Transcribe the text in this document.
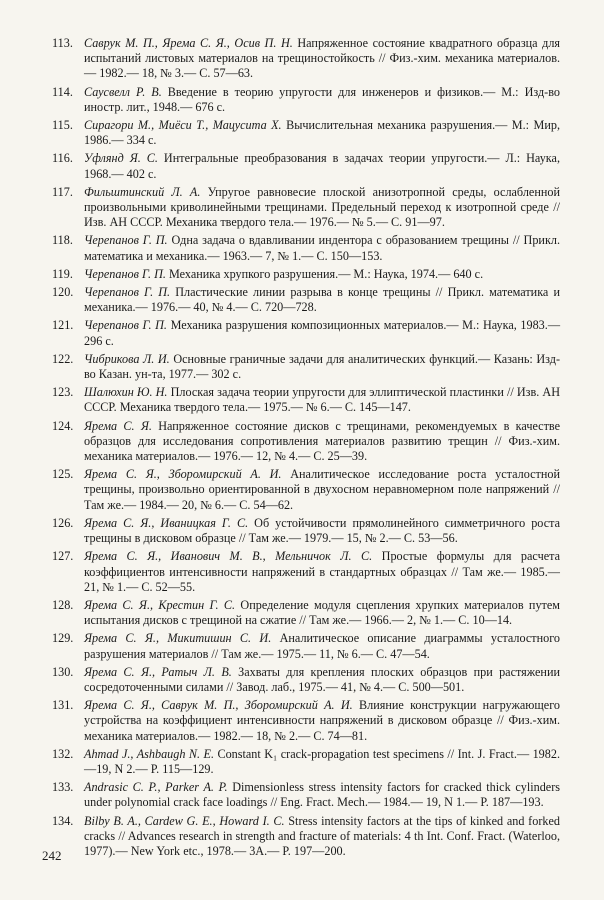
113. Саврук М. П., Ярема С. Я., Осив П. Н. Напряженное состояние квадратного образца для испытаний листовых материалов на трещиностойкость // Физ.-хим. механика материалов.— 1982.— 18, № 3.— С. 57—63.
114. Саусвелл Р. В. Введение в теорию упругости для инженеров и физиков.— М.: Изд-во иностр. лит., 1948.— 676 с.
115. Сирагори М., Миёси Т., Мацусита Х. Вычислительная механика разрушения.— М.: Мир, 1986.— 334 с.
116. Уфлянд Я. С. Интегральные преобразования в задачах теории упругости.— Л.: Наука, 1968.— 402 с.
117. Фильштинский Л. А. Упругое равновесие плоской анизотропной среды, ослабленной произвольными криволинейными трещинами. Предельный переход к изотропной среде // Изв. АН СССР. Механика твердого тела.— 1976.— № 5.— С. 91—97.
118. Черепанов Г. П. Одна задача о вдавливании индентора с образованием трещины // Прикл. математика и механика.— 1963.— 7, № 1.— С. 150—153.
119. Черепанов Г. П. Механика хрупкого разрушения.— М.: Наука, 1974.— 640 с.
120. Черепанов Г. П. Пластические линии разрыва в конце трещины // Прикл. математика и механика.— 1976.— 40, № 4.— С. 720—728.
121. Черепанов Г. П. Механика разрушения композиционных материалов.— М.: Наука, 1983.— 296 с.
122. Чибрикова Л. И. Основные граничные задачи для аналитических функций.— Казань: Изд-во Казан. ун-та, 1977.— 302 с.
123. Шалюхин Ю. Н. Плоская задача теории упругости для эллиптической пластинки // Изв. АН СССР. Механика твердого тела.— 1975.— № 6.— С. 145—147.
124. Ярема С. Я. Напряженное состояние дисков с трещинами, рекомендуемых в качестве образцов для исследования сопротивления материалов развитию трещин // Физ.-хим. механика материалов.— 1976.— 12, № 4.— С. 25—39.
125. Ярема С. Я., Зборомирский А. И. Аналитическое исследование роста усталостной трещины, произвольно ориентированной в двухосном неравномерном поле напряжений // Там же.— 1984.— 20, № 6.— С. 54—62.
126. Ярема С. Я., Иваницкая Г. С. Об устойчивости прямолинейного симметричного роста трещины в дисковом образце // Там же.— 1979.— 15, № 2.— С. 53—56.
127. Ярема С. Я., Иванович М. В., Мельничок Л. С. Простые формулы для расчета коэффициентов интенсивности напряжений в стандартных образцах // Там же.— 1985.— 21, № 1.— С. 52—55.
128. Ярема С. Я., Крестин Г. С. Определение модуля сцепления хрупких материалов путем испытания дисков с трещиной на сжатие // Там же.— 1966.— 2, № 1.— С. 10—14.
129. Ярема С. Я., Микитишин С. И. Аналитическое описание диаграммы усталостного разрушения материалов // Там же.— 1975.— 11, № 6.— С. 47—54.
130. Ярема С. Я., Ратыч Л. В. Захваты для крепления плоских образцов при растяжении сосредоточенными силами // Завод. лаб., 1975.— 41, № 4.— С. 500—501.
131. Ярема С. Я., Саврук М. П., Зборомирский А. И. Влияние конструкции нагружающего устройства на коэффициент интенсивности напряжений в дисковом образце // Физ.-хим. механика материалов.— 1982.— 18, № 2.— С. 74—81.
132. Ahmad J., Ashbaugh N. E. Constant K₁ crack-propagation test specimens // Int. J. Fract.— 1982.—19, N 2.— P. 115—129.
133. Andrasic C. P., Parker A. P. Dimensionless stress intensity factors for cracked thick cylinders under polynomial crack face loadings // Eng. Fract. Mech.— 1984.— 19, N 1.— P. 187—193.
134. Bilby B. A., Cardew G. E., Howard I. C. Stress intensity factors at the tips of kinked and forked cracks // Advances research in strength and fracture of materials: 4 th Int. Conf. Fract. (Waterloo, 1977).— New York etc., 1978.— 3A.— P. 197—200.
242
